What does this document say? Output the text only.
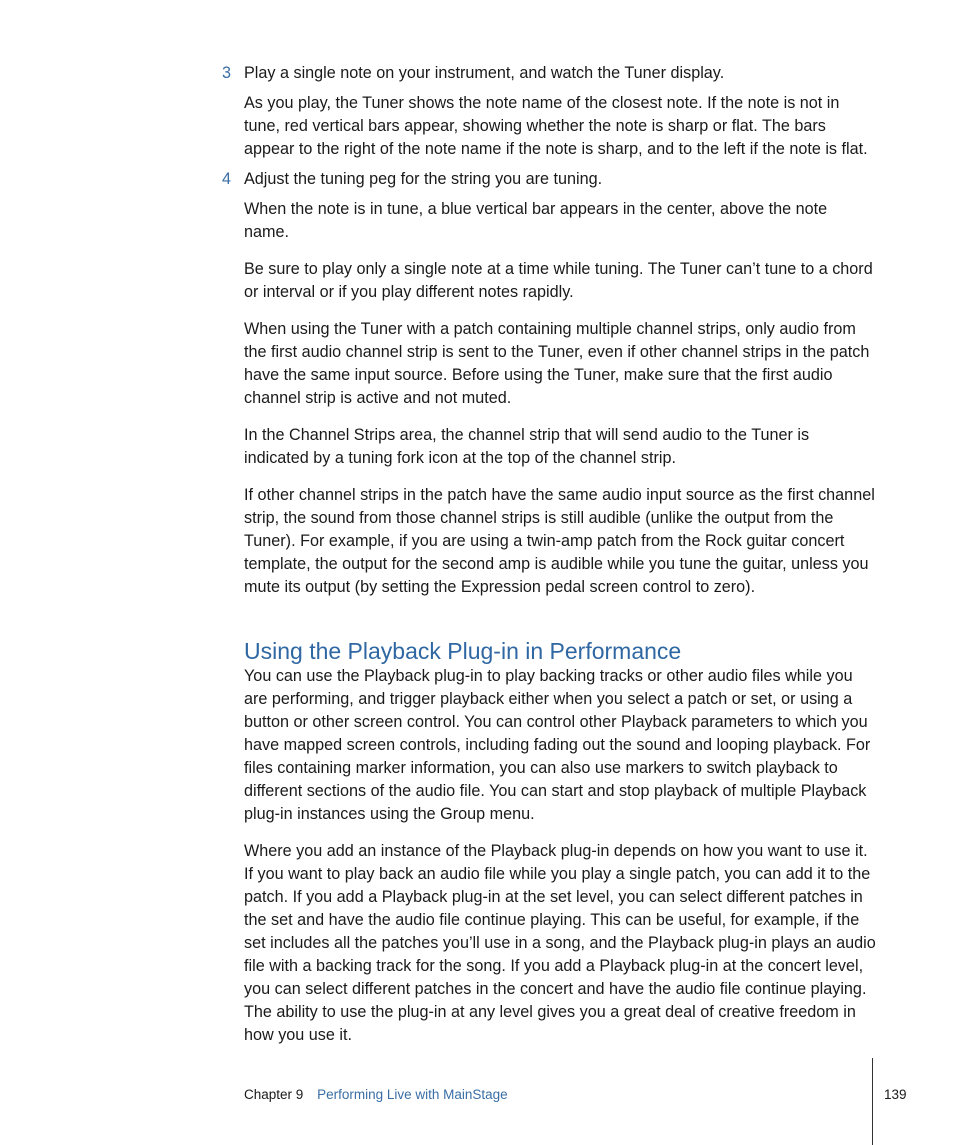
3 Play a single note on your instrument, and watch the Tuner display.

As you play, the Tuner shows the note name of the closest note. If the note is not in tune, red vertical bars appear, showing whether the note is sharp or flat. The bars appear to the right of the note name if the note is sharp, and to the left if the note is flat.

4 Adjust the tuning peg for the string you are tuning.

When the note is in tune, a blue vertical bar appears in the center, above the note name.

Be sure to play only a single note at a time while tuning. The Tuner can’t tune to a chord or interval or if you play different notes rapidly.

When using the Tuner with a patch containing multiple channel strips, only audio from the first audio channel strip is sent to the Tuner, even if other channel strips in the patch have the same input source. Before using the Tuner, make sure that the first audio channel strip is active and not muted.

In the Channel Strips area, the channel strip that will send audio to the Tuner is indicated by a tuning fork icon at the top of the channel strip.

If other channel strips in the patch have the same audio input source as the first channel strip, the sound from those channel strips is still audible (unlike the output from the Tuner). For example, if you are using a twin-amp patch from the Rock guitar concert template, the output for the second amp is audible while you tune the guitar, unless you mute its output (by setting the Expression pedal screen control to zero).

Using the Playback Plug-in in Performance

You can use the Playback plug-in to play backing tracks or other audio files while you are performing, and trigger playback either when you select a patch or set, or using a button or other screen control. You can control other Playback parameters to which you have mapped screen controls, including fading out the sound and looping playback. For files containing marker information, you can also use markers to switch playback to different sections of the audio file. You can start and stop playback of multiple Playback plug-in instances using the Group menu.

Where you add an instance of the Playback plug-in depends on how you want to use it. If you want to play back an audio file while you play a single patch, you can add it to the patch. If you add a Playback plug-in at the set level, you can select different patches in the set and have the audio file continue playing. This can be useful, for example, if the set includes all the patches you’ll use in a song, and the Playback plug-in plays an audio file with a backing track for the song. If you add a Playback plug-in at the concert level, you can select different patches in the concert and have the audio file continue playing. The ability to use the plug-in at any level gives you a great deal of creative freedom in how you use it.

Chapter 9 Performing Live with MainStage	139
